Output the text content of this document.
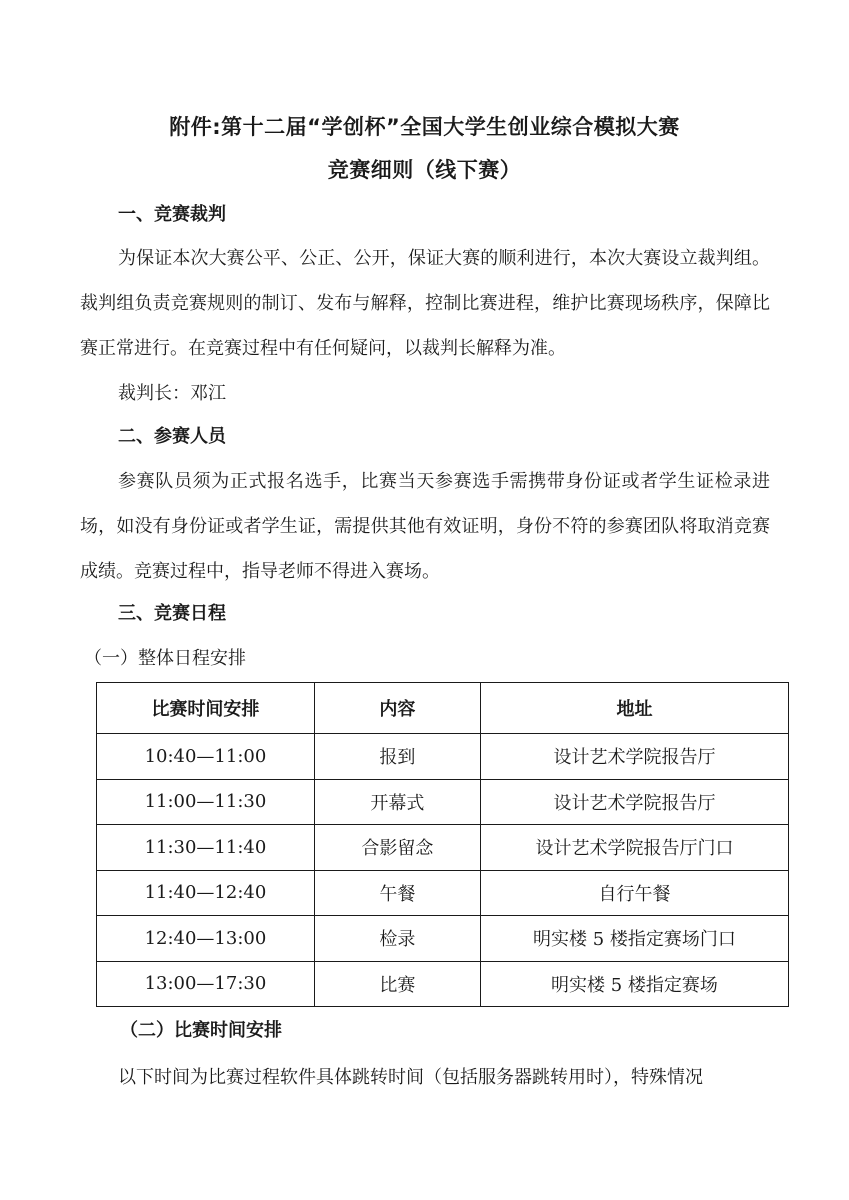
附件:第十二届“学创杯”全国大学生创业综合模拟大赛
竞赛细则（线下赛）
一、竞赛裁判

为保证本次大赛公平、公正、公开，保证大赛的顺利进行，本次大赛设立裁判组。裁判组负责竞赛规则的制订、发布与解释，控制比赛进程，维护比赛现场秩序，保障比赛正常进行。在竞赛过程中有任何疑问，以裁判长解释为准。

裁判长：邓江

二、参赛人员

参赛队员须为正式报名选手，比赛当天参赛选手需携带身份证或者学生证检录进场，如没有身份证或者学生证，需提供其他有效证明，身份不符的参赛团队将取消竞赛成绩。竞赛过程中，指导老师不得进入赛场。

三、竞赛日程

（一）整体日程安排

比赛时间安排	内容	地址
10:40—11:00	报到	设计艺术学院报告厅
11:00—11:30	开幕式	设计艺术学院报告厅
11:30—11:40	合影留念	设计艺术学院报告厅门口
11:40—12:40	午餐	自行午餐
12:40—13:00	检录	明实楼 5 楼指定赛场门口
13:00—17:30	比赛	明实楼 5 楼指定赛场
（二）比赛时间安排

以下时间为比赛过程软件具体跳转时间（包括服务器跳转用时），特殊情况
